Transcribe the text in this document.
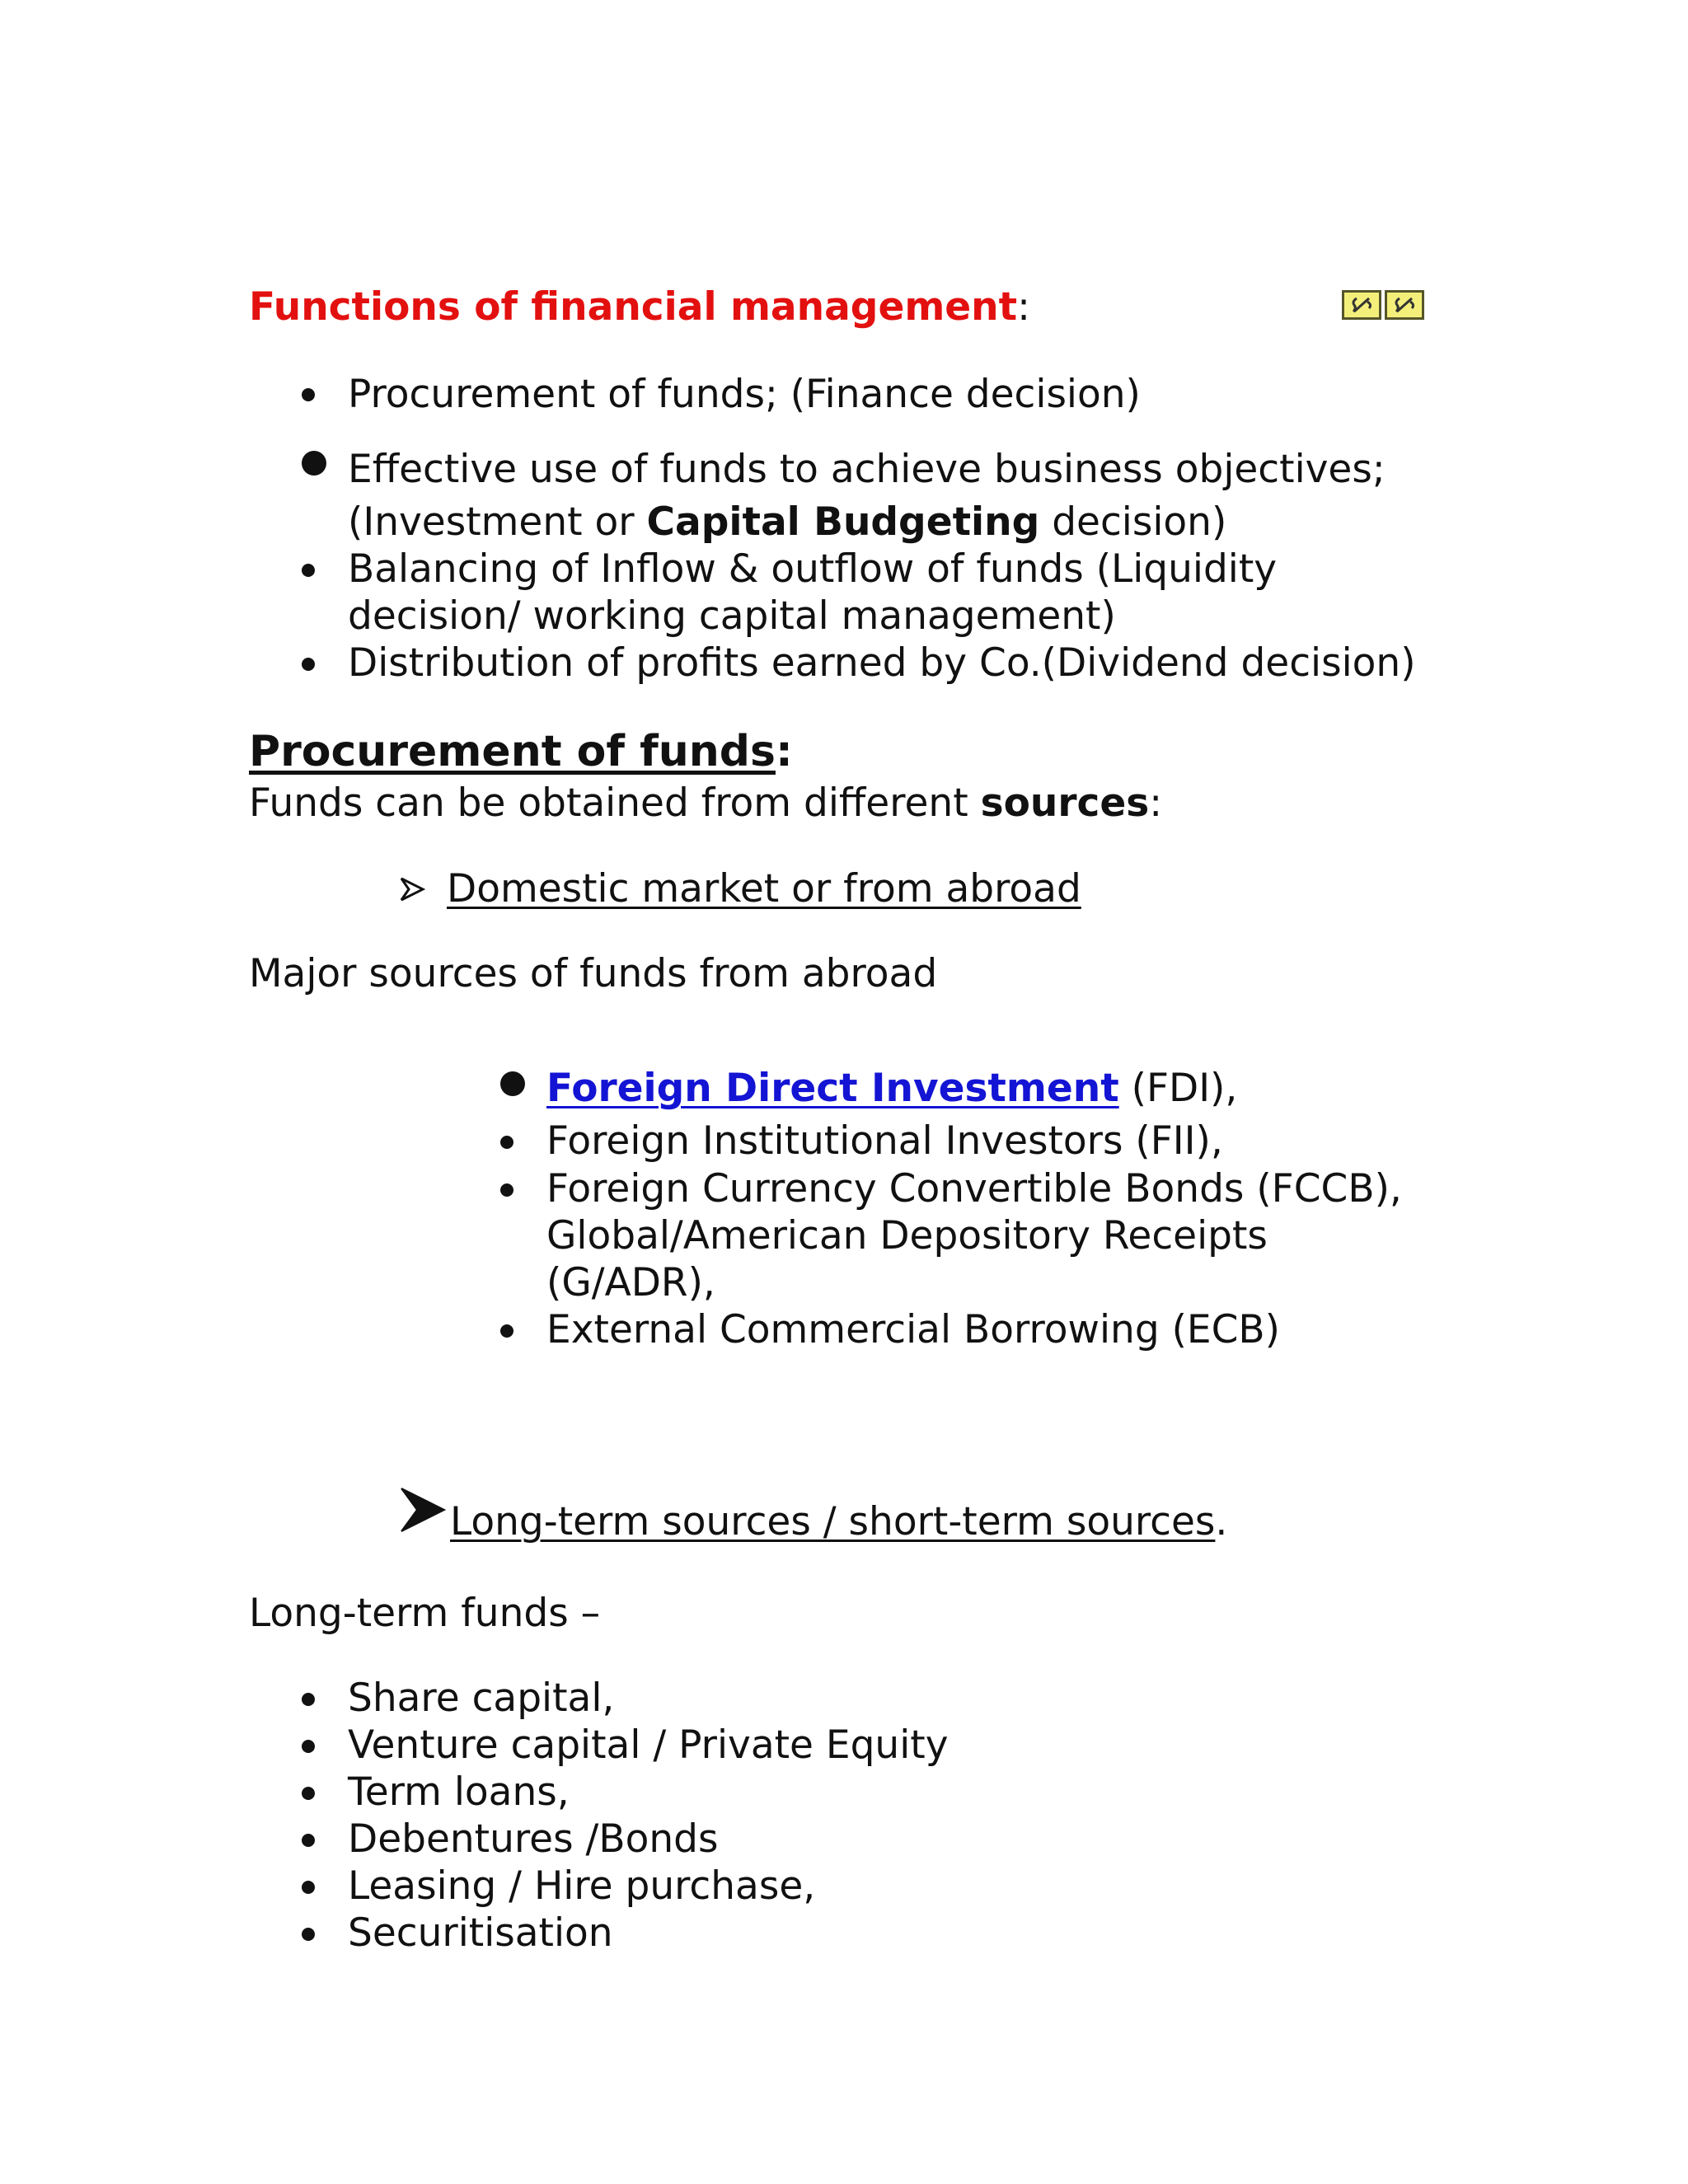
Functions of financial management:
Procurement of funds; (Finance decision)
Effective use of funds to achieve business objectives;
(Investment or Capital Budgeting decision)
Balancing of Inflow & outflow of funds (Liquidity
decision/ working capital management)
Distribution of profits earned by Co.(Dividend decision)
Procurement of funds:
Funds can be obtained from different sources:
Domestic market or from abroad
Major sources of funds from abroad
Foreign Direct Investment (FDI),
Foreign Institutional Investors (FII),
Foreign Currency Convertible Bonds (FCCB),
Global/American Depository Receipts
(G/ADR),
External Commercial Borrowing (ECB)
Long-term sources / short-term sources.
Long-term funds –
Share capital,
Venture capital / Private Equity
Term loans,
Debentures /Bonds
Leasing / Hire purchase,
Securitisation
